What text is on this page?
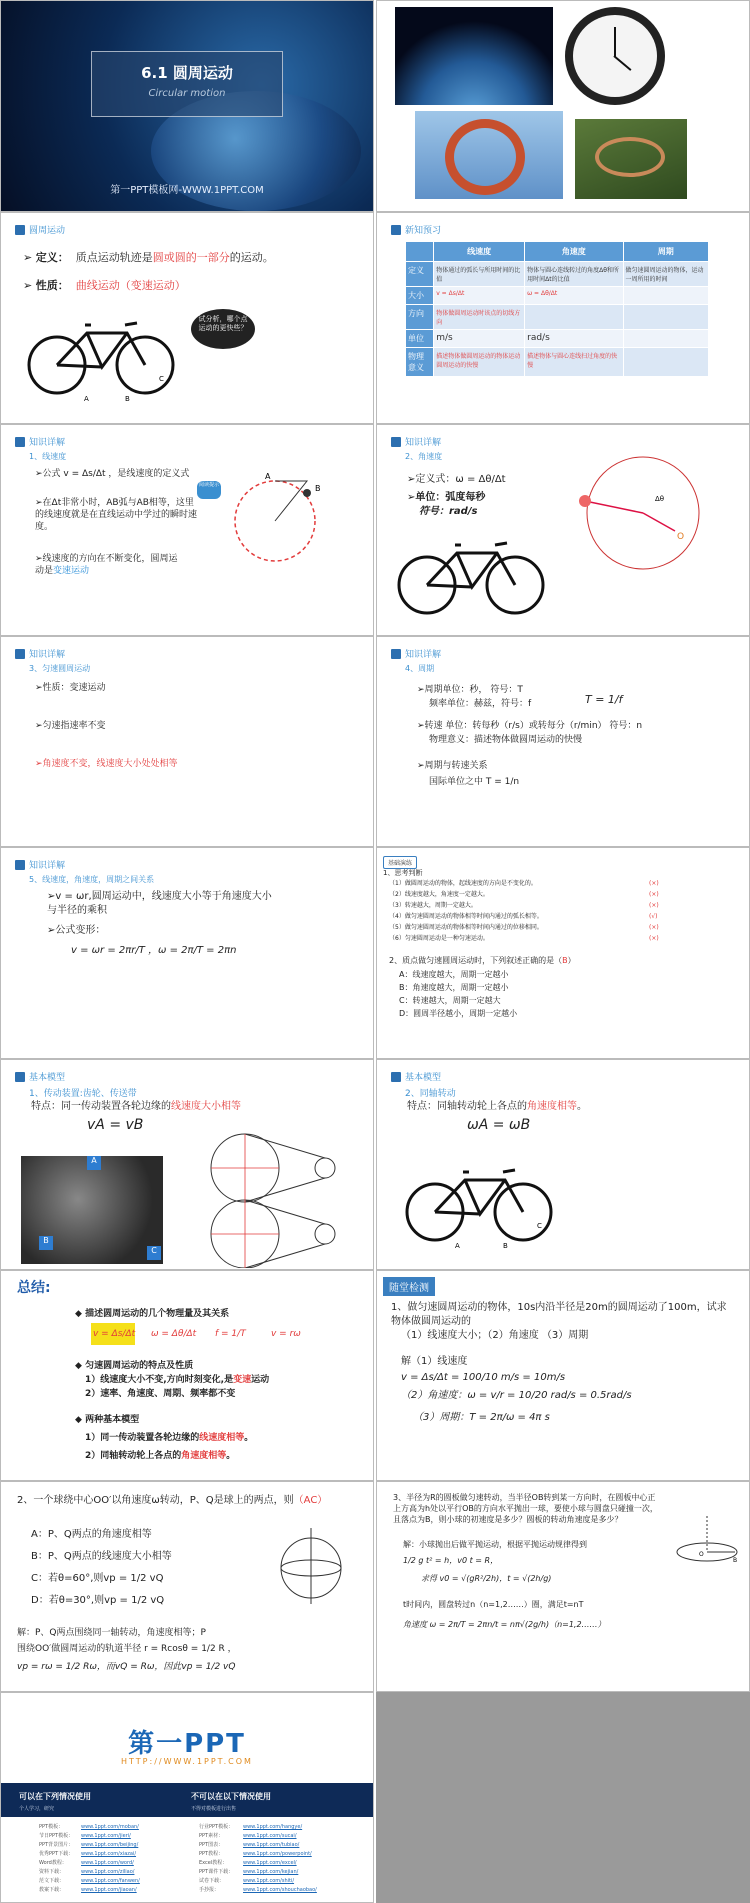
6.1 圆周运动
Circular motion
第一PPT模板网-WWW.1PPT.COM
圆周运动
➢ 定义： 质点运动轨迹是圆或圆的一部分的运动。
➢ 性质： 曲线运动（变速运动）
A	B
C
试分析，哪个点运动的更快些？
新知预习
	线速度	角速度	周期
定义	物体通过的弧长与所用时间的比值	物体与圆心连线转过的角度Δθ和所用时间Δt的比值	做匀速圆周运动的物体，运动一周所用的时间
大小	v = Δs/Δt	ω = Δθ/Δt	
方向	物体做圆周运动时该点的切线方向		
单位	m/s	rad/s	
物理意义	描述物体做圆周运动的物体运动圆周运动的快慢	描述物体与圆心连线扫过角度的快慢	
知识详解
1、线速度
➢公式 v = Δs/Δt ，是线速度的定义式
➢在Δt非常小时，AB弧与AB相等，这里的线速度就是在直线运动中学过的瞬时速度。
阅读提示
➢线速度的方向在不断变化，圆周运动是变速运动
A
B
知识详解
2、角速度
➢定义式：ω = Δθ/Δt
➢单位：弧度每秒
符号：rad/s
O
Δθ
知识详解
3、匀速圆周运动
➢性质：变速运动
➢匀速指速率不变
➢角速度不变，线速度大小处处相等
知识详解
4、周期
➢周期单位：秒， 符号：T
频率单位：赫兹，符号：f	T = 1/f
➢转速 单位：转每秒（r/s）或转每分（r/min） 符号：n
物理意义：描述物体做圆周运动的快慢
➢周期与转速关系
国际单位之中 T = 1/n
知识详解
5、线速度，角速度，周期之间关系
➢v = ωr,圆周运动中，线速度大小等于角速度大小与半径的乘积
➢公式变形：
v = ωr = 2πr/T ，ω = 2π/T = 2πn
基础演练
1、思考判断
（1）做圆周运动的物体，起线速度的方向是不变化的。	(×)
（2）线速度越大，角速度一定越大。	(×)
（3）转速越大，周期一定越大。	(×)
（4）做匀速圆周运动的物体相等时间内通过的弧长相等。	(√)
（5）做匀速圆周运动的物体相等时间内通过的位移相同。	(×)
（6）匀速圆周运动是一种匀速运动。	(×)
2、质点做匀速圆周运动时，下列叙述正确的是（B）
A：线速度越大，周期一定越小
B：角速度越大，周期一定越小
C：转速越大，周期一定越大
D：圆周半径越小，周期一定越小
基本模型
1、传动装置:齿轮、传送带
特点：同一传动装置各轮边缘的线速度大小相等
vA = vB
A
B
C
基本模型
2、同轴转动
特点：同轴转动轮上各点的角速度相等。
ωA = ωB
A	B
C
总结:
◆ 描述圆周运动的几个物理量及其关系
v = Δs/Δt ω = Δθ/Δt f = 1/T	v = rω
◆ 匀速圆周运动的特点及性质
1）线速度大小不变,方向时刻变化,是变速运动
2）速率、角速度、周期、频率都不变
◆ 两种基本模型
1）同一传动装置各轮边缘的线速度相等。
2）同轴转动轮上各点的角速度相等。
随堂检测
1、做匀速圆周运动的物体，10s内沿半径是20m的圆周运动了100m，试求物体做圆周运动的
（1）线速度大小；（2）角速度 （3）周期
解（1）线速度
v = Δs/Δt = 100/10 m/s = 10m/s
（2）角速度：ω = v/r = 10/20 rad/s = 0.5rad/s
（3）周期：T = 2π/ω = 4π s
2、一个球绕中心OO′以角速度ω转动，P、Q是球上的两点，则（AC）
A：P、Q两点的角速度相等
B：P、Q两点的线速度大小相等
C：若θ=60°,则vp = 1/2 vQ
D：若θ=30°,则vp = 1/2 vQ
解：P、Q两点围绕同一轴转动，角速度相等；P
围绕OO′做圆周运动的轨道半径 r = Rcosθ = 1/2 R ，
vp = rω = 1/2 Rω，而vQ = Rω，因此vp = 1/2 vQ
3、半径为R的圆板做匀速转动，当半径OB转到某一方向时，在圆板中心正上方高为h处以平行OB的方向水平抛出一球，要使小球与圆盘只碰撞一次，且落点为B，则小球的初速度是多少？圆板的转动角速度是多少？
O
B
解：小球抛出后做平抛运动，根据平抛运动规律得到
1/2 g t² = h，v0 t = R，
求得 v0 = √(gR²/2h)，t = √(2h/g)
t时间内，圆盘转过n（n=1,2……）圈，满足t=nT
角速度 ω = 2π/T = 2πn/t = nπ√(2g/h)（n=1,2……）
第一PPT
HTTP://WWW.1PPT.COM
可以在下列情况使用	不可以在以下情况使用
个人学习，研究	不得对模板进行出售
PPT模板：	www.1ppt.com/moban/	行业PPT模板：	www.1ppt.com/hangye/
节日PPT模板：	www.1ppt.com/jieri/	PPT素材：	www.1ppt.com/sucai/
PPT背景图片：	www.1ppt.com/beijing/	PPT图表：	www.1ppt.com/tubiao/
优秀PPT下载：	www.1ppt.com/xiazai/	PPT教程：	www.1ppt.com/powerpoint/
Word教程：	www.1ppt.com/word/	Excel教程：	www.1ppt.com/excel/
资料下载：	www.1ppt.com/ziliao/	PPT课件下载：	www.1ppt.com/kejian/
范文下载：	www.1ppt.com/fanwen/	试卷下载：	www.1ppt.com/shiti/
教案下载：	www.1ppt.com/jiaoan/	手抄报：	www.1ppt.com/shouchaobao/
